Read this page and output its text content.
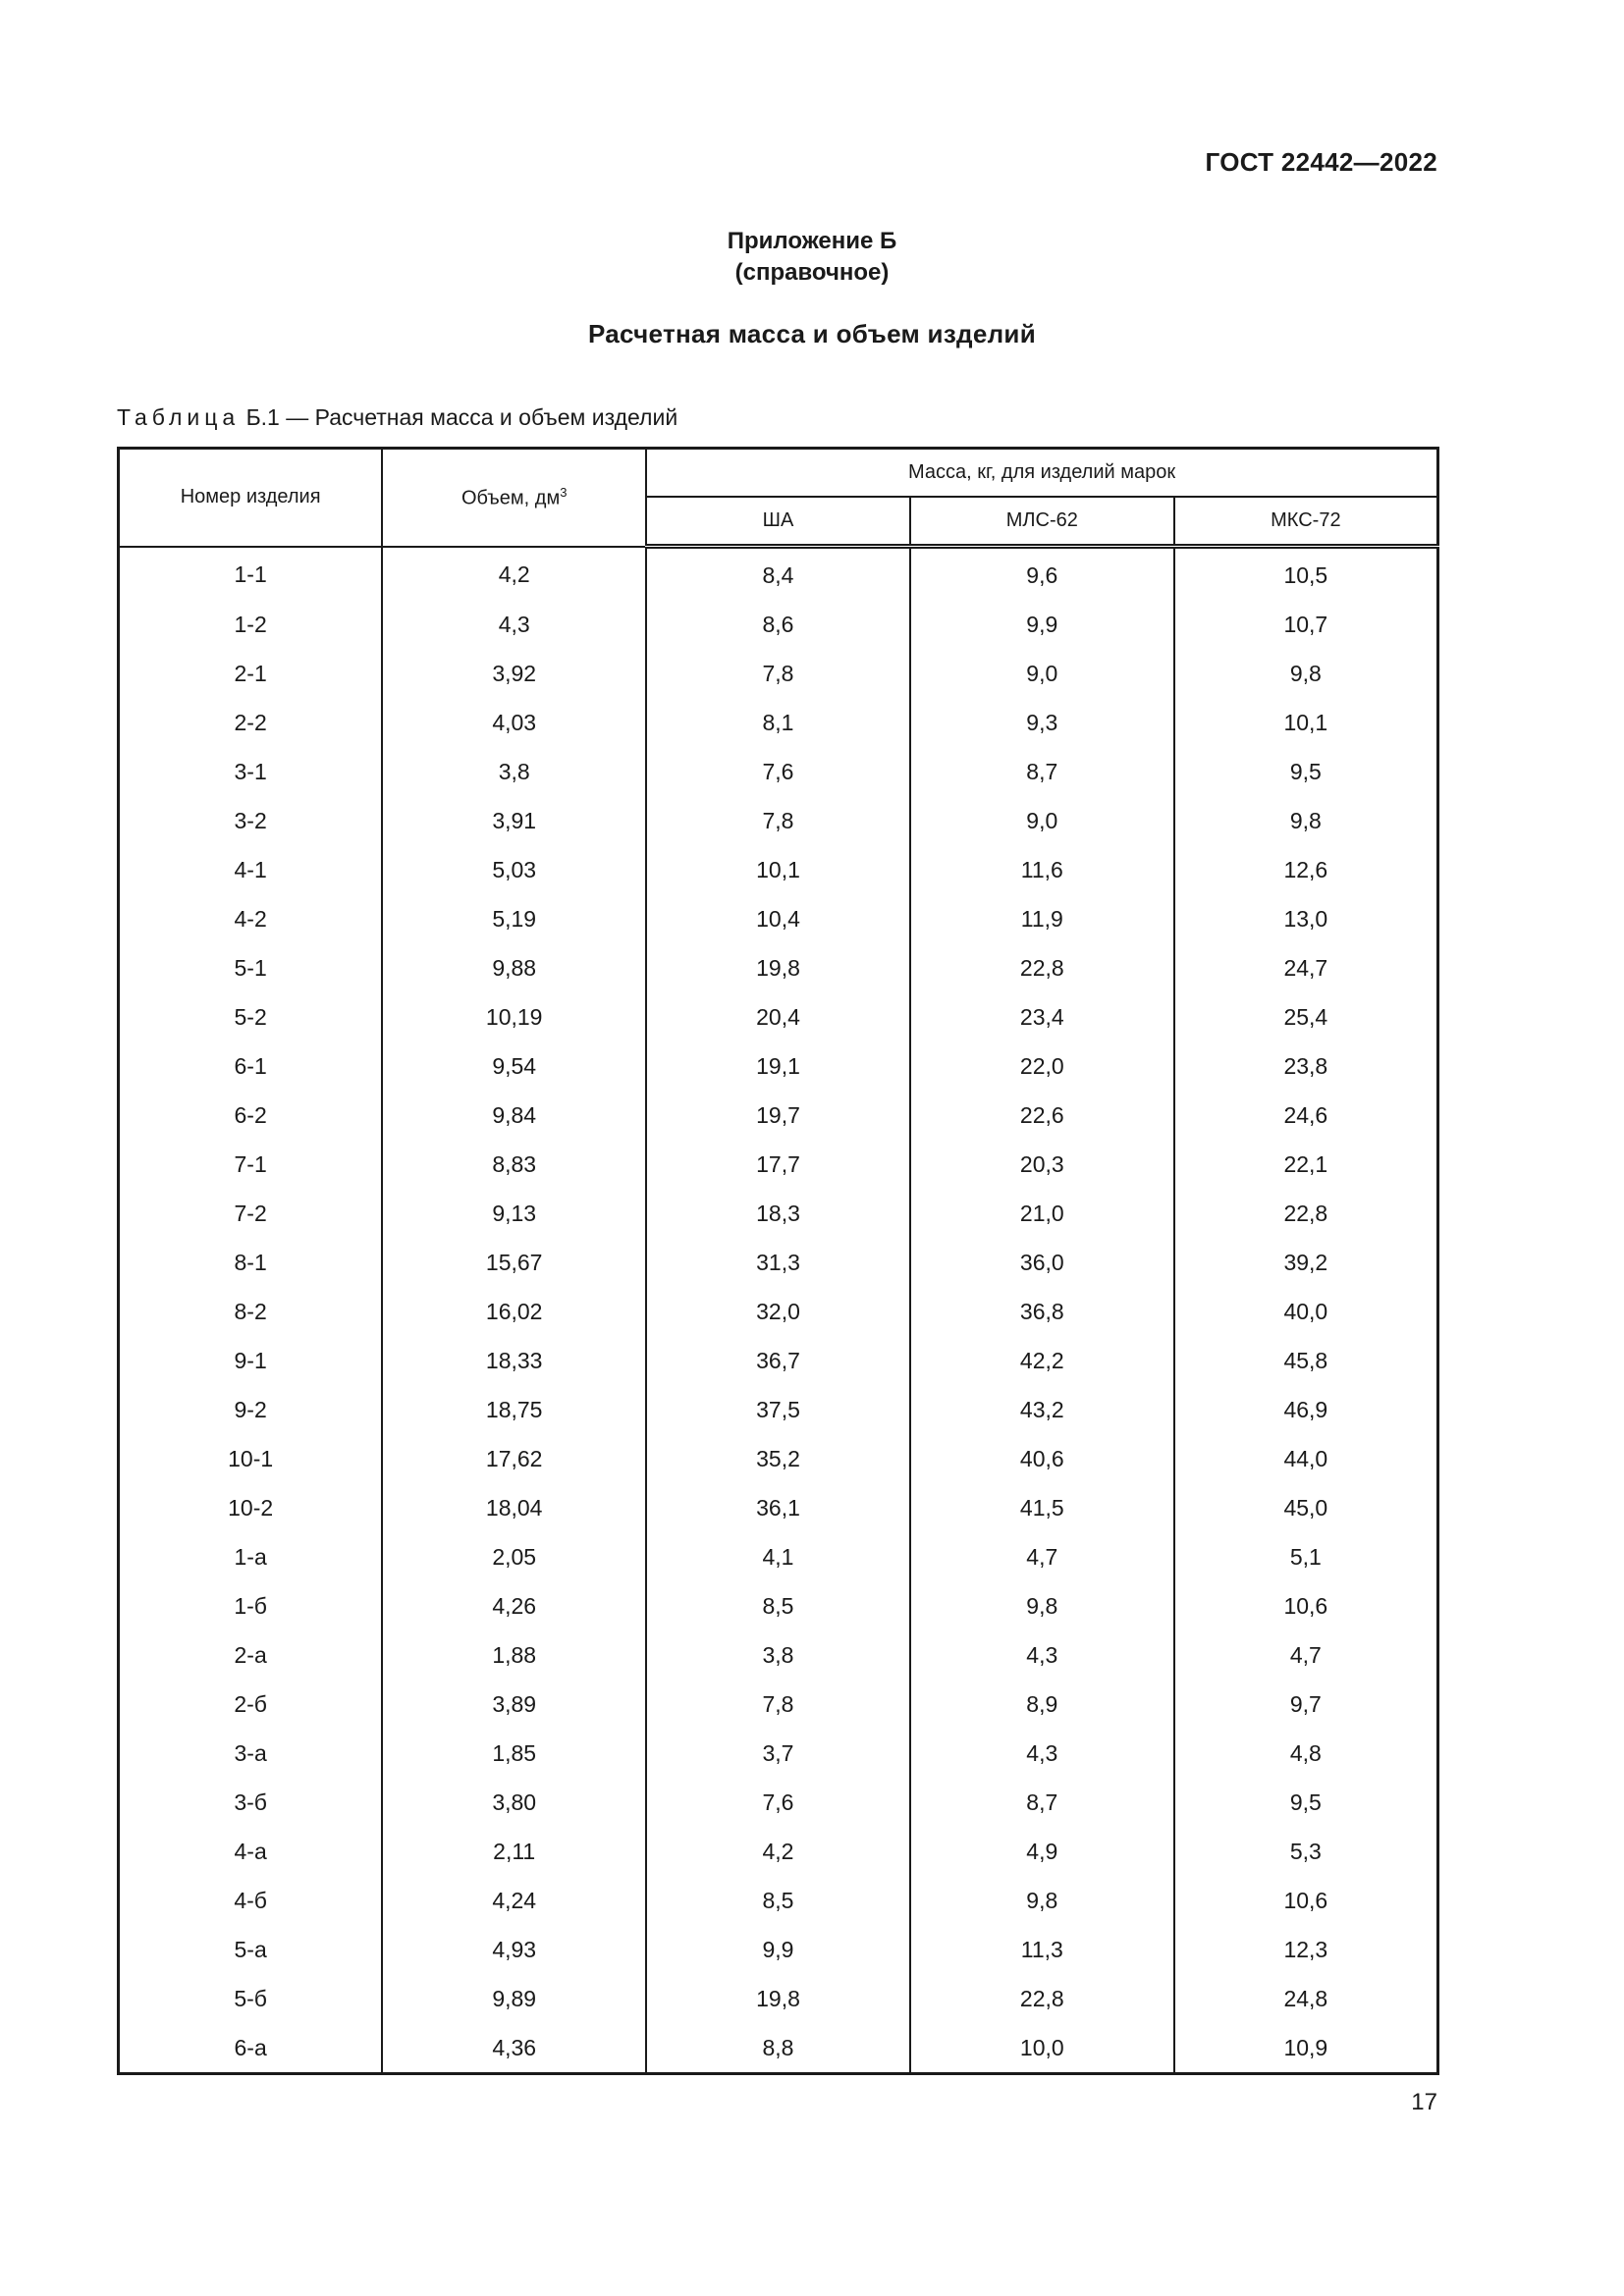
ГОСТ 22442—2022
Приложение Б
(справочное)
Расчетная масса и объем изделий
Таблица Б.1 — Расчетная масса и объем изделий
Номер изделия	Объем, $дм^3$	Масса, кг, для изделий марок		
		ША	МЛС-62	МКС-72
1-1	4,2	8,4	9,6	10,5
1-2	4,3	8,6	9,9	10,7
2-1	3,92	7,8	9,0	9,8
2-2	4,03	8,1	9,3	10,1
3-1	3,8	7,6	8,7	9,5
3-2	3,91	7,8	9,0	9,8
4-1	5,03	10,1	11,6	12,6
4-2	5,19	10,4	11,9	13,0
5-1	9,88	19,8	22,8	24,7
5-2	10,19	20,4	23,4	25,4
6-1	9,54	19,1	22,0	23,8
6-2	9,84	19,7	22,6	24,6
7-1	8,83	17,7	20,3	22,1
7-2	9,13	18,3	21,0	22,8
8-1	15,67	31,3	36,0	39,2
8-2	16,02	32,0	36,8	40,0
9-1	18,33	36,7	42,2	45,8
9-2	18,75	37,5	43,2	46,9
10-1	17,62	35,2	40,6	44,0
10-2	18,04	36,1	41,5	45,0
1-а	2,05	4,1	4,7	5,1
1-б	4,26	8,5	9,8	10,6
2-а	1,88	3,8	4,3	4,7
2-б	3,89	7,8	8,9	9,7
3-а	1,85	3,7	4,3	4,8
3-б	3,80	7,6	8,7	9,5
4-а	2,11	4,2	4,9	5,3
4-б	4,24	8,5	9,8	10,6
5-а	4,93	9,9	11,3	12,3
5-б	9,89	19,8	22,8	24,8
6-а	4,36	8,8	10,0	10,9
17
